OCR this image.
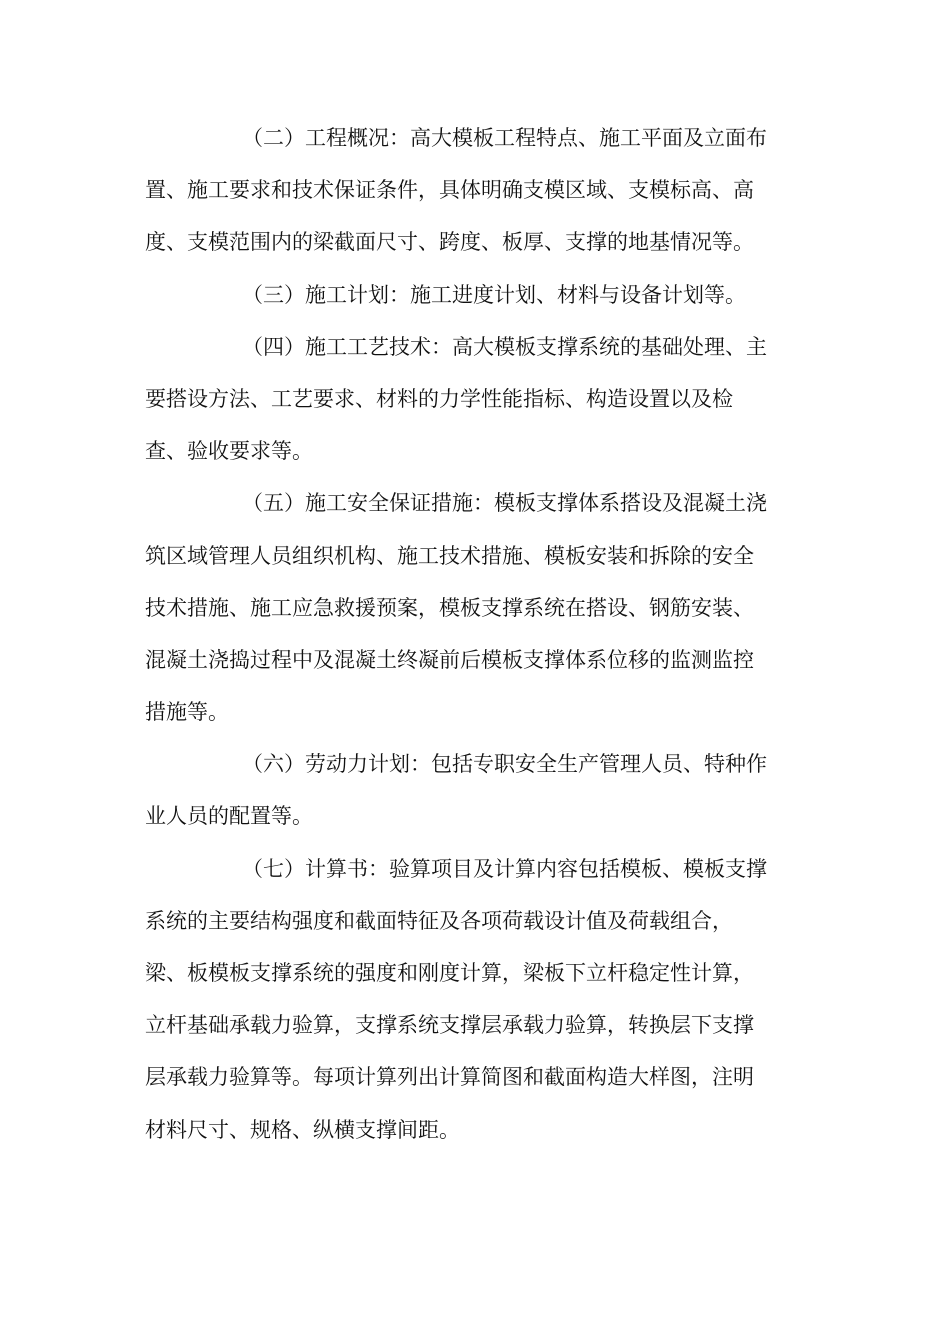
（二）工程概况：高大模板工程特点、施工平面及立面布
置、施工要求和技术保证条件，具体明确支模区域、支模标高、高
度、支模范围内的梁截面尺寸、跨度、板厚、支撑的地基情况等。
（三）施工计划：施工进度计划、材料与设备计划等。
（四）施工工艺技术：高大模板支撑系统的基础处理、主
要搭设方法、工艺要求、材料的力学性能指标、构造设置以及检
查、验收要求等。
（五）施工安全保证措施：模板支撑体系搭设及混凝土浇
筑区域管理人员组织机构、施工技术措施、模板安装和拆除的安全
技术措施、施工应急救援预案，模板支撑系统在搭设、钢筋安装、
混凝土浇捣过程中及混凝土终凝前后模板支撑体系位移的监测监控
措施等。
（六）劳动力计划：包括专职安全生产管理人员、特种作
业人员的配置等。
（七）计算书：验算项目及计算内容包括模板、模板支撑
系统的主要结构强度和截面特征及各项荷载设计值及荷载组合，
梁、板模板支撑系统的强度和刚度计算，梁板下立杆稳定性计算，
立杆基础承载力验算，支撑系统支撑层承载力验算，转换层下支撑
层承载力验算等。每项计算列出计算简图和截面构造大样图，注明
材料尺寸、规格、纵横支撑间距。
